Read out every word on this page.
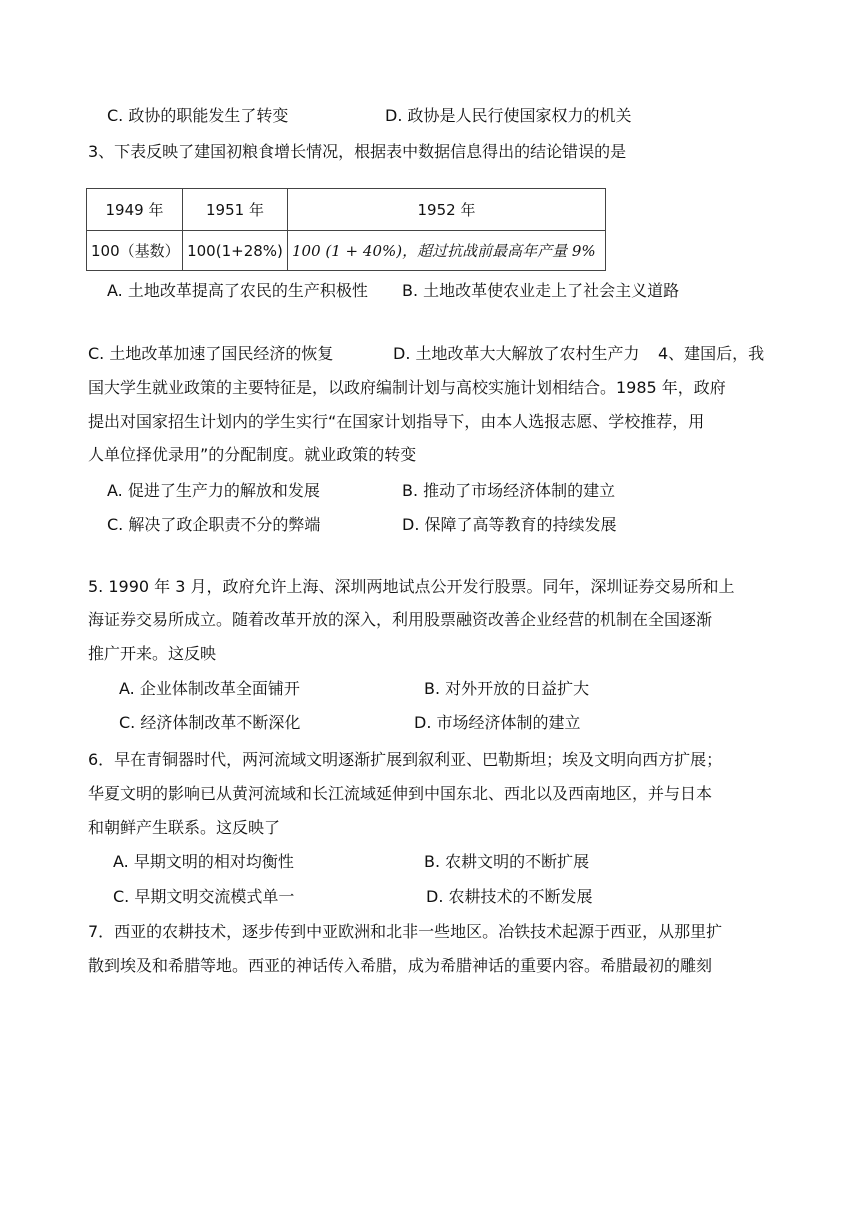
C. 政协的职能发生了转变	D. 政协是人民行使国家权力的机关
3、下表反映了建国初粮食增长情况，根据表中数据信息得出的结论错误的是
1949 年	1951 年	1952 年
100（基数）	100(1+28%)	100 (1 + 40%)，超过抗战前最高年产量 9%
A. 土地改革提高了农民的生产积极性 B. 土地改革使农业走上了社会主义道路
C. 土地改革加速了国民经济的恢复	D. 土地改革大大解放了农村生产力 4、建国后，我
国大学生就业政策的主要特征是，以政府编制计划与高校实施计划相结合。1985 年，政府
提出对国家招生计划内的学生实行“在国家计划指导下，由本人选报志愿、学校推荐，用
人单位择优录用”的分配制度。就业政策的转变
A. 促进了生产力的解放和发展	B. 推动了市场经济体制的建立
C. 解决了政企职责不分的弊端	D. 保障了高等教育的持续发展
5. 1990 年 3 月，政府允许上海、深圳两地试点公开发行股票。同年，深圳证券交易所和上
海证券交易所成立。随着改革开放的深入，利用股票融资改善企业经营的机制在全国逐渐
推广开来。这反映
A. 企业体制改革全面铺开	B. 对外开放的日益扩大
C. 经济体制改革不断深化	D. 市场经济体制的建立
6．早在青铜器时代，两河流域文明逐渐扩展到叙利亚、巴勒斯坦；埃及文明向西方扩展；
华夏文明的影响已从黄河流域和长江流域延伸到中国东北、西北以及西南地区，并与日本
和朝鲜产生联系。这反映了
A. 早期文明的相对均衡性	B. 农耕文明的不断扩展
C. 早期文明交流模式单一	D. 农耕技术的不断发展
7．西亚的农耕技术，逐步传到中亚欧洲和北非一些地区。冶铁技术起源于西亚，从那里扩
散到埃及和希腊等地。西亚的神话传入希腊，成为希腊神话的重要内容。希腊最初的雕刻
